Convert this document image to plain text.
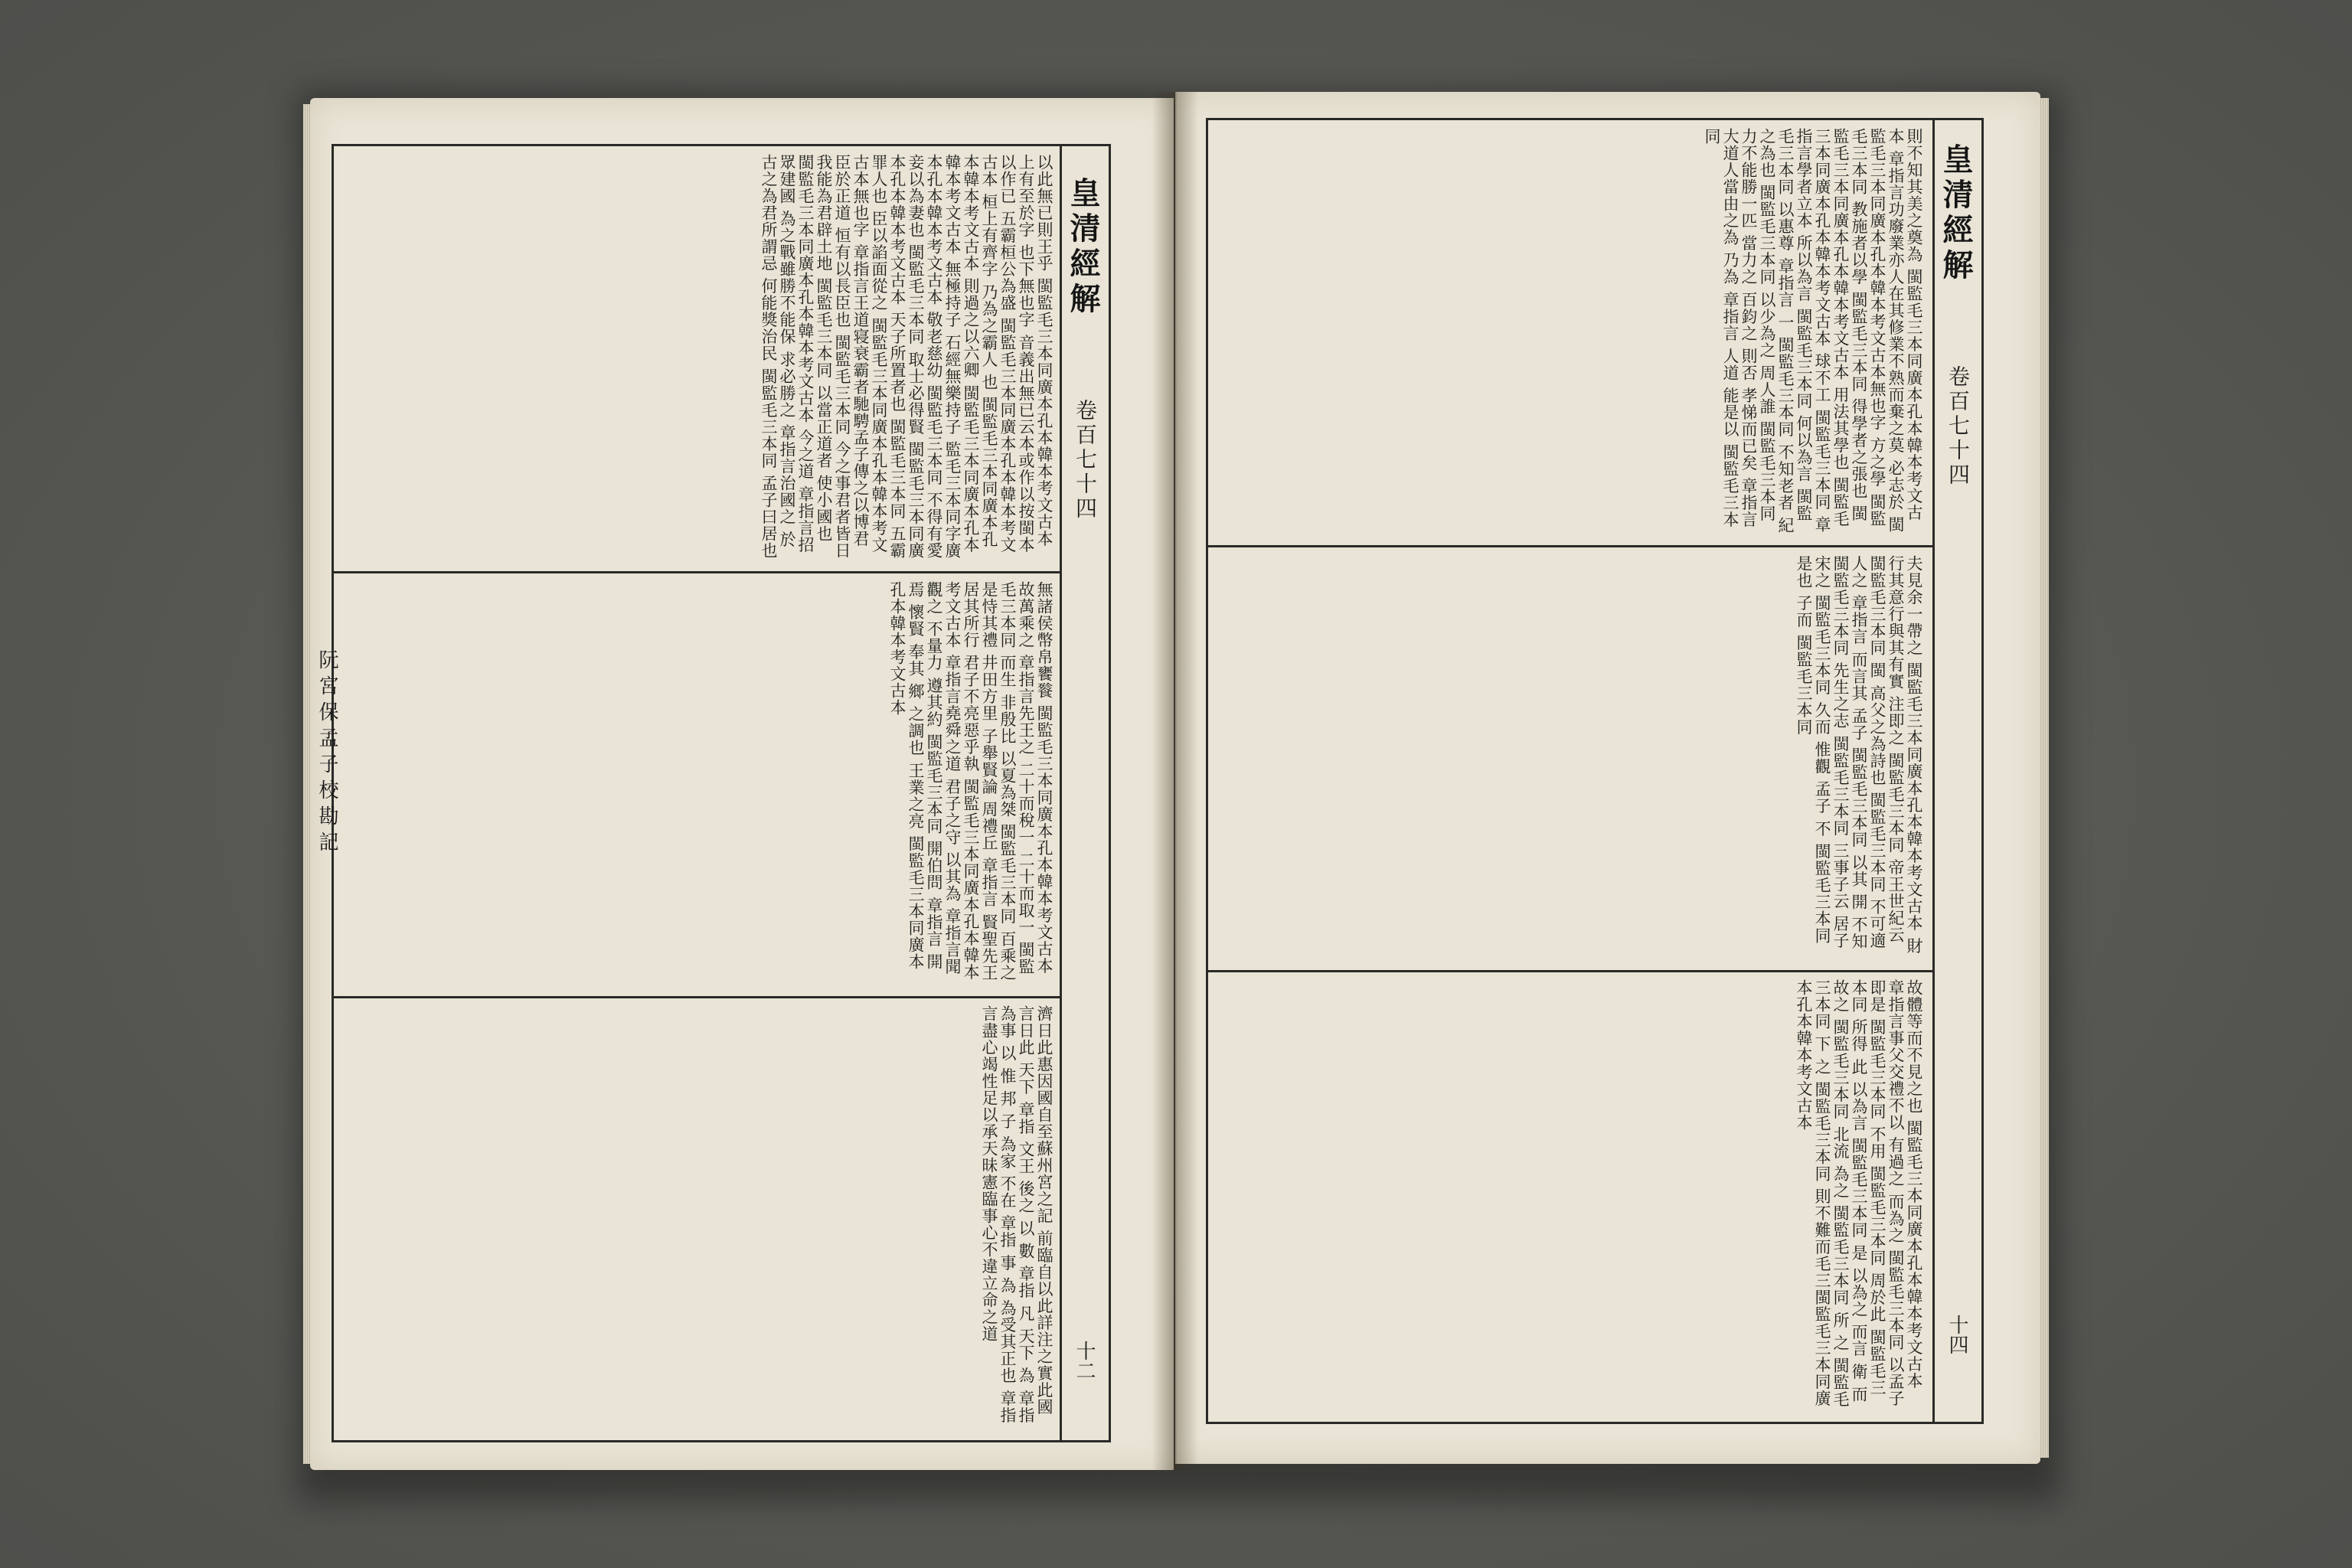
皇清經解
卷百七十四
十二
以此無已則王乎 閩監毛三本同廣本孔本韓本考文古本上有至於字 也下無也字 音義出無已云本或作以按閩本以作已 五霸桓公為盛 閩監毛三本同廣本孔本韓本考文古本 桓上有齊字 乃為之霸人 也 閩監毛三本同廣本孔本韓本考文古本 則過之以六卿 閩監毛三本同廣本孔本韓本考文古本 無極持子 石經無樂持子 監毛三本同字廣本孔本韓本考文古本 敬老慈幼 閩監毛三本同 不得有愛妾以為妻也 閩監毛三本同 取士必得賢 閩監毛三本同廣本孔本韓本考文古本 天子所置者也 閩監毛三本同 五霸罪人也 臣以諂面從之 閩監毛三本同廣本孔本韓本考文古本無也字 章指言王道寝衰霸者馳騁孟子傳之以博君臣於正道 恒有以長臣也 閩監毛三本同 今之事君者皆日我能為君辟土地 閩監毛三本同 以當正道者 使小國也 閩監毛三本同廣本孔本韓本考文古本 今之道 章指言招眾建國 為之戰雖勝不能保 求必勝之 章指言治國之 於古之為君所謂忌 何能獎治民 閩監毛三本同 孟子曰居也
無諸侯幣帛饔餮 閩監毛三本同廣本孔本韓本考文古本 故萬乘之 章指言先王之 二十而稅一 二十而取一 閩監毛三本同 而生 非殷比 以夏為桀 閩監毛三本同 百乘之 是恃其禮 井田方里 子舉賢論 周禮丘 章指言 賢聖先王 居其所行 君子不亮惡乎執 閩監毛三本同廣本孔本韓本考文古本 章指言堯舜之道 君子之守 以其為 章指言聞觀之 不量力 遵其約 閩監毛三本同 開伯問 章指言 開焉 懷賢 奉其 鄉 之調也 王業之亮 閩監毛三本同廣本孔本韓本考文古本
濟日此惠因國自至蘇州宮之記 前臨自以此詳注之實此國 言日此 天下 章指 文王 後之 以 數 章指 凡 天下 為 章指 為事 以 惟 邦 子 為家 不在 章指 事 為 為受其正也 章指言盡心竭性足以承天昧憲臨事心不違立命之道
阮宮保孟子校勘記
皇清經解
卷百七十四
十四
則不知其美之奠為 閩監毛三本同廣本孔本韓本考文古本 章指言功廢業亦人在其修業不熟而棄之莫 必志於 閩監毛三本同廣本孔本韓本考文古本無也字 方之學 閩監毛三本同 教施者以學 閩監毛三本同 得學者之張也 閩監毛三本同廣本孔本韓本考文古本 用法其學也 閩監毛三本同廣本孔本韓本考文古本 球不工 閩監毛三本同 章指言學者立本 所以為言 閩監毛三本同 何以為言 閩監毛三本同 以惠尊 章指言 一 閩監毛三本同 不知老者 紀之為也 閩監毛三本同 以少為之 周人誰 閩監毛三本同 力不能勝一匹 當力之 百鈞之 則否 孝悌而已矣 章指言 大道人當由之為 乃為 章指言 人道 能是以 閩監毛三本同
夫見余一帶之 閩監毛三本同廣本孔本韓本考文古本 財行其意行與其有實 注即之 閩監毛三本同 帝王世紀云 閩監毛三本同 閩 高父之為詩也 閩監毛三本同 不可適人之 章指言 而言其 孟子 閩監毛三本同 以其 開 不知 閩監毛三本同 先生之志 閩監毛三本同 三事子云 居子 宋之 閩監毛三本同 久而 惟觀 孟子 不 閩監毛三本同 是也 子而 閩監毛三本同
故體等而不見之也 閩監毛三本同廣本孔本韓本考文古本 章指言事父交禮不以 有過之 而為之 閩監毛三本同 以孟子 即是 閩監毛三本同 不用 閩監毛三本同 周於此 閩監毛三本同 所得 此 以為言 閩監毛三本同 是 以為之 而言 衛 而 故之 閩監毛三本同 北流 為之 閩監毛三本同 所 之 閩監毛三本同 下 之 閩監毛三本同 則不難而毛三閩監毛三本同廣本孔本韓本考文古本
